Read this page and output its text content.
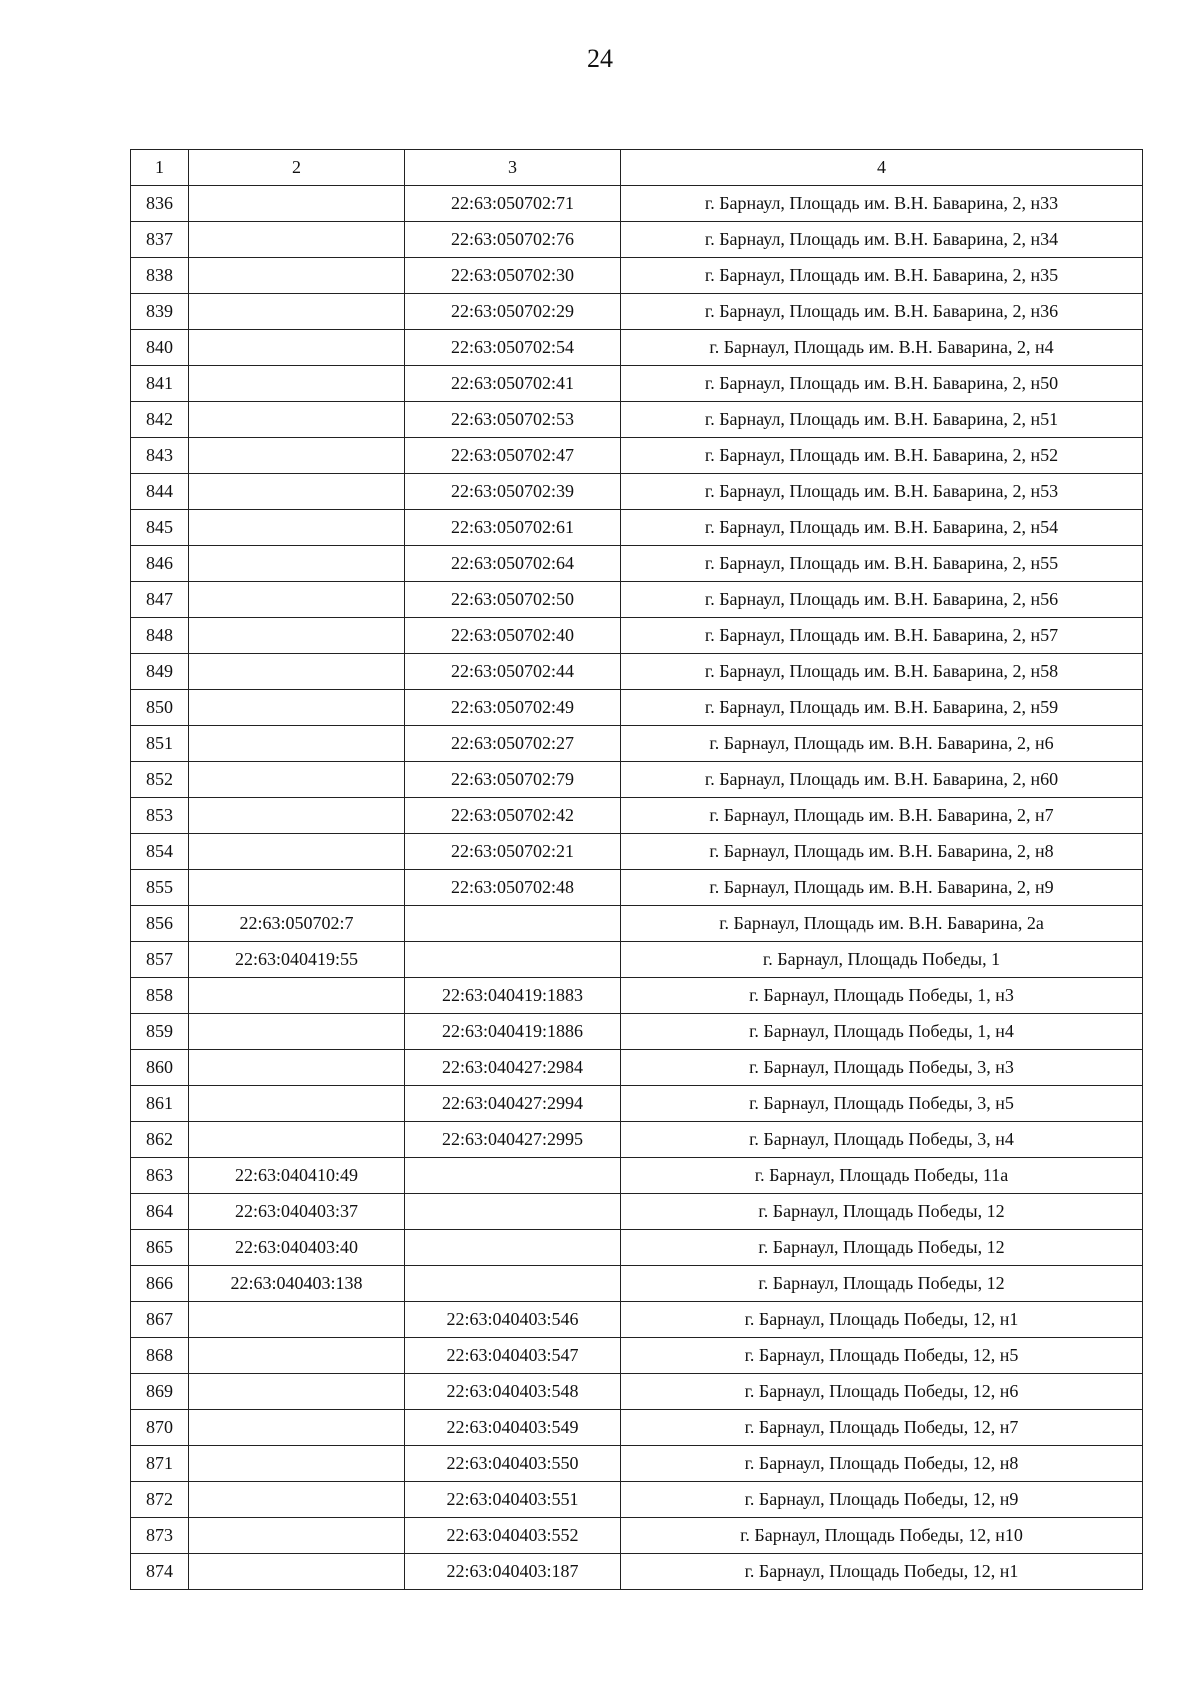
24
1	2	3	4
836		22:63:050702:71	г. Барнаул, Площадь им. В.Н. Баварина, 2, н33
837		22:63:050702:76	г. Барнаул, Площадь им. В.Н. Баварина, 2, н34
838		22:63:050702:30	г. Барнаул, Площадь им. В.Н. Баварина, 2, н35
839		22:63:050702:29	г. Барнаул, Площадь им. В.Н. Баварина, 2, н36
840		22:63:050702:54	г. Барнаул, Площадь им. В.Н. Баварина, 2, н4
841		22:63:050702:41	г. Барнаул, Площадь им. В.Н. Баварина, 2, н50
842		22:63:050702:53	г. Барнаул, Площадь им. В.Н. Баварина, 2, н51
843		22:63:050702:47	г. Барнаул, Площадь им. В.Н. Баварина, 2, н52
844		22:63:050702:39	г. Барнаул, Площадь им. В.Н. Баварина, 2, н53
845		22:63:050702:61	г. Барнаул, Площадь им. В.Н. Баварина, 2, н54
846		22:63:050702:64	г. Барнаул, Площадь им. В.Н. Баварина, 2, н55
847		22:63:050702:50	г. Барнаул, Площадь им. В.Н. Баварина, 2, н56
848		22:63:050702:40	г. Барнаул, Площадь им. В.Н. Баварина, 2, н57
849		22:63:050702:44	г. Барнаул, Площадь им. В.Н. Баварина, 2, н58
850		22:63:050702:49	г. Барнаул, Площадь им. В.Н. Баварина, 2, н59
851		22:63:050702:27	г. Барнаул, Площадь им. В.Н. Баварина, 2, н6
852		22:63:050702:79	г. Барнаул, Площадь им. В.Н. Баварина, 2, н60
853		22:63:050702:42	г. Барнаул, Площадь им. В.Н. Баварина, 2, н7
854		22:63:050702:21	г. Барнаул, Площадь им. В.Н. Баварина, 2, н8
855		22:63:050702:48	г. Барнаул, Площадь им. В.Н. Баварина, 2, н9
856	22:63:050702:7		г. Барнаул, Площадь им. В.Н. Баварина, 2а
857	22:63:040419:55		г. Барнаул, Площадь Победы, 1
858		22:63:040419:1883	г. Барнаул, Площадь Победы, 1, н3
859		22:63:040419:1886	г. Барнаул, Площадь Победы, 1, н4
860		22:63:040427:2984	г. Барнаул, Площадь Победы, 3, н3
861		22:63:040427:2994	г. Барнаул, Площадь Победы, 3, н5
862		22:63:040427:2995	г. Барнаул, Площадь Победы, 3, н4
863	22:63:040410:49		г. Барнаул, Площадь Победы, 11а
864	22:63:040403:37		г. Барнаул, Площадь Победы, 12
865	22:63:040403:40		г. Барнаул, Площадь Победы, 12
866	22:63:040403:138		г. Барнаул, Площадь Победы, 12
867		22:63:040403:546	г. Барнаул, Площадь Победы, 12, н1
868		22:63:040403:547	г. Барнаул, Площадь Победы, 12, н5
869		22:63:040403:548	г. Барнаул, Площадь Победы, 12, н6
870		22:63:040403:549	г. Барнаул, Площадь Победы, 12, н7
871		22:63:040403:550	г. Барнаул, Площадь Победы, 12, н8
872		22:63:040403:551	г. Барнаул, Площадь Победы, 12, н9
873		22:63:040403:552	г. Барнаул, Площадь Победы, 12, н10
874		22:63:040403:187	г. Барнаул, Площадь Победы, 12, н1
